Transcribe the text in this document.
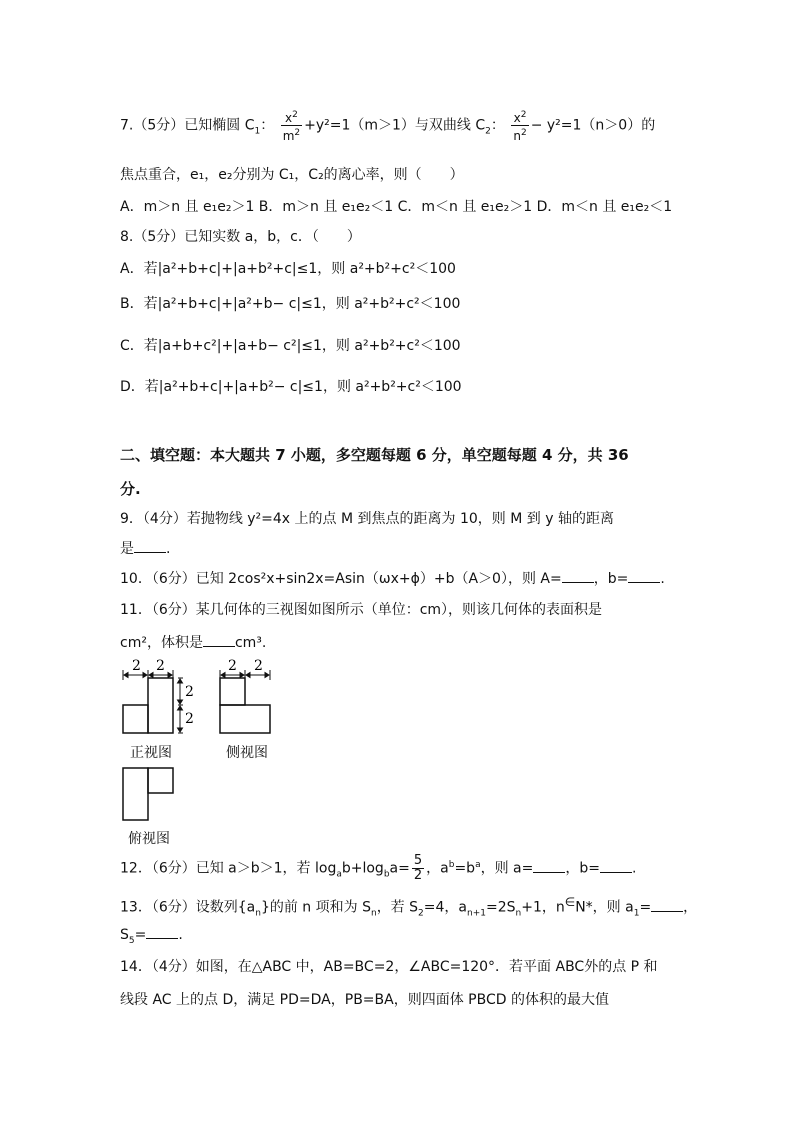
7.（5分）已知椭圆 $C_1$： $\frac{x^2}{m^2} +y^2=1(m>1)$与双曲线 $C_2$： $\frac{x^2}{n^2} - y^2=1(n>0)$的
焦点重合，e₁，e₂分别为 C₁，C₂的离心率，则（　　）
A．m＞n 且 e₁e₂＞1 B．m＞n 且 e₁e₂＜1 C．m＜n 且 e₁e₂＞1 D．m＜n 且 e₁e₂＜1
8.（5分）已知实数 a，b，c．（　　）
A．若|a²+b+c|+|a+b²+c|≤1，则 a²+b²+c²＜100
B．若|a²+b+c|+|a²+b− c|≤1，则 a²+b²+c²＜100
C．若|a+b+c²|+|a+b− c²|≤1，则 a²+b²+c²＜100
D．若|a²+b+c|+|a+b²− c|≤1，则 a²+b²+c²＜100
二、填空题：本大题共 7 小题，多空题每题 6 分，单空题每题 4 分，共 36
分.
9．（4分）若抛物线 y²=4x 上的点 M 到焦点的距离为 10，则 M 到 y 轴的距离
是 .
10．（6分）已知 2cos²x+sin2x=Asin（ωx+ϕ）+b（A＞0），则 A= ，b= .
11．（6分）某几何体的三视图如图所示（单位：cm），则该几何体的表面积是
cm²，体积是 cm³.
2 2
2
2
2 2
正视图	侧视图
俯视图
12．（6分）已知 a＞b＞1，若 $\log_ab+\log_ba= \frac{5}{2}$ ，$a^b=b^a$，则 a= ，b= .
13．（6分）设数列$\{a_n\}$的前 n 项和为 $S_n$，若 $S_2=4$，$a_{n+1}=2S_n+1$，n∈N*，则 $a_1=$ ，
$S_5=$ .
14．（4分）如图，在△ABC 中，AB=BC=2，∠ABC=120°．若平面 ABC外的点 P 和
线段 AC 上的点 D，满足 PD=DA，PB=BA，则四面体 PBCD 的体积的最大值
